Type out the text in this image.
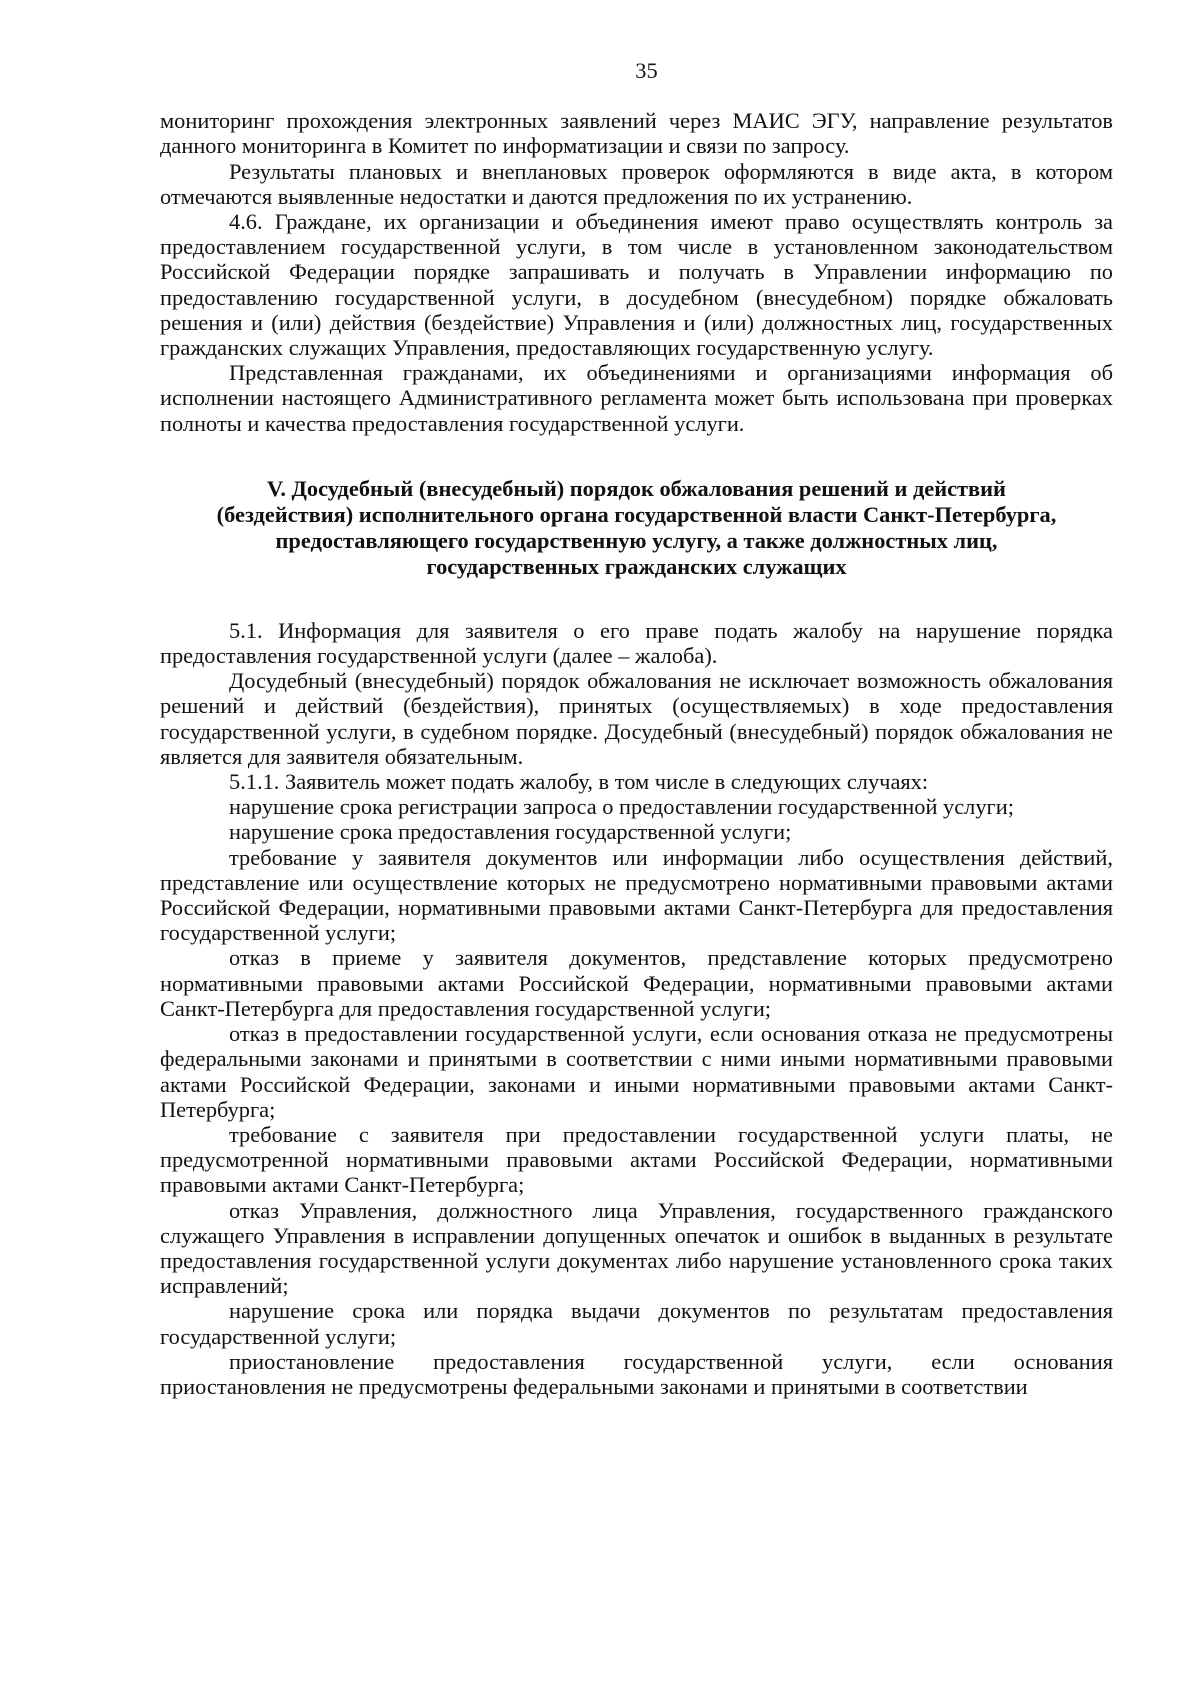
35

мониторинг прохождения электронных заявлений через МАИС ЭГУ, направление результатов данного мониторинга в Комитет по информатизации и связи по запросу.

Результаты плановых и внеплановых проверок оформляются в виде акта, в котором отмечаются выявленные недостатки и даются предложения по их устранению.

4.6. Граждане, их организации и объединения имеют право осуществлять контроль за предоставлением государственной услуги, в том числе в установленном законодательством Российской Федерации порядке запрашивать и получать в Управлении информацию по предоставлению государственной услуги, в досудебном (внесудебном) порядке обжаловать решения и (или) действия (бездействие) Управления и (или) должностных лиц, государственных гражданских служащих Управления, предоставляющих государственную услугу.

Представленная гражданами, их объединениями и организациями информация об исполнении настоящего Административного регламента может быть использована при проверках полноты и качества предоставления государственной услуги.

V. Досудебный (внесудебный) порядок обжалования решений и действий
(бездействия) исполнительного органа государственной власти Санкт-Петербурга,
предоставляющего государственную услугу, а также должностных лиц,
государственных гражданских служащих

5.1. Информация для заявителя о его праве подать жалобу на нарушение порядка предоставления государственной услуги (далее – жалоба).

Досудебный (внесудебный) порядок обжалования не исключает возможность обжалования решений и действий (бездействия), принятых (осуществляемых) в ходе предоставления государственной услуги, в судебном порядке. Досудебный (внесудебный) порядок обжалования не является для заявителя обязательным.

5.1.1. Заявитель может подать жалобу, в том числе в следующих случаях:

нарушение срока регистрации запроса о предоставлении государственной услуги;

нарушение срока предоставления государственной услуги;

требование у заявителя документов или информации либо осуществления действий, представление или осуществление которых не предусмотрено нормативными правовыми актами Российской Федерации, нормативными правовыми актами Санкт-Петербурга для предоставления государственной услуги;

отказ в приеме у заявителя документов, представление которых предусмотрено нормативными правовыми актами Российской Федерации, нормативными правовыми актами Санкт-Петербурга для предоставления государственной услуги;

отказ в предоставлении государственной услуги, если основания отказа не предусмотрены федеральными законами и принятыми в соответствии с ними иными нормативными правовыми актами Российской Федерации, законами и иными нормативными правовыми актами Санкт-Петербурга;

требование с заявителя при предоставлении государственной услуги платы, не предусмотренной нормативными правовыми актами Российской Федерации, нормативными правовыми актами Санкт-Петербурга;

отказ Управления, должностного лица Управления, государственного гражданского служащего Управления в исправлении допущенных опечаток и ошибок в выданных в результате предоставления государственной услуги документах либо нарушение установленного срока таких исправлений;

нарушение срока или порядка выдачи документов по результатам предоставления государственной услуги;

приостановление предоставления государственной услуги, если основания приостановления не предусмотрены федеральными законами и принятыми в соответствии
